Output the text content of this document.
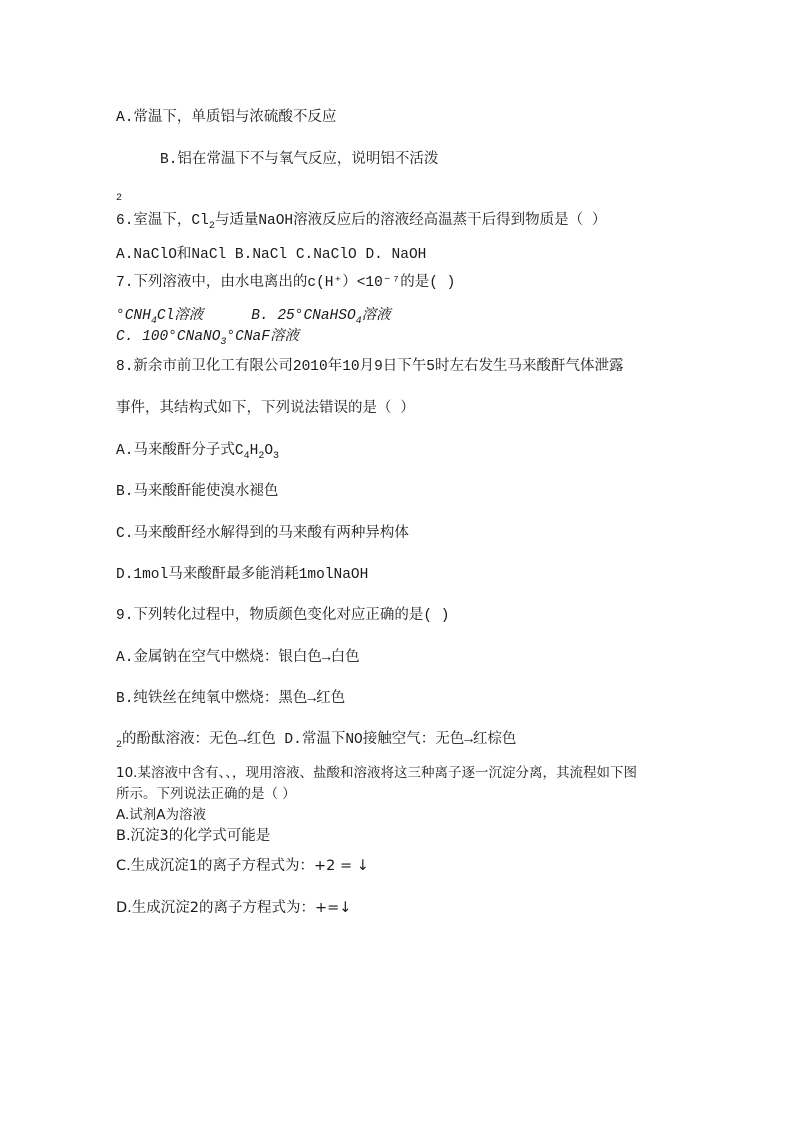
A.常温下，单质铝与浓硫酸不反应
B.铝在常温下不与氧气反应，说明铝不活泼
2
6.室温下，$Cl_2$与适量NaOH溶液反应后的溶液经高温蒸干后得到物质是（ ）
A.NaClO和NaCl B.NaCl C.NaClO D. NaOH
7.下列溶液中，由水电离出的c(H⁺）<10⁻⁷的是( )
$^\circ CNH_4Cl$溶液	B. 25°CNaHSO$_4$溶液
C. 100°CNaNO$_3$°CNaF溶液
8.新余市前卫化工有限公司2010年10月9日下午5时左右发生马来酸酐气体泄露
事件，其结构式如下，下列说法错误的是（ ）
A.马来酸酐分子式$C_4H_2O_3$
B.马来酸酐能使溴水褪色
C.马来酸酐经水解得到的马来酸有两种异构体
D.1mol马来酸酐最多能消耗1molNaOH
9.下列转化过程中，物质颜色变化对应正确的是( )
A.金属钠在空气中燃烧：银白色→白色
B.纯铁丝在纯氧中燃烧：黑色→红色
$_2$的酚酞溶液：无色→红色 D.常温下NO接触空气：无色→红棕色
10.某溶液中含有、、，现用溶液、盐酸和溶液将这三种离子逐一沉淀分离，其流程如下图
所示。下列说法正确的是（ ）
A.试剂A为溶液
B.沉淀3的化学式可能是
C.生成沉淀1的离子方程式为：+2 = ↓
D.生成沉淀2的离子方程式为：+=↓
